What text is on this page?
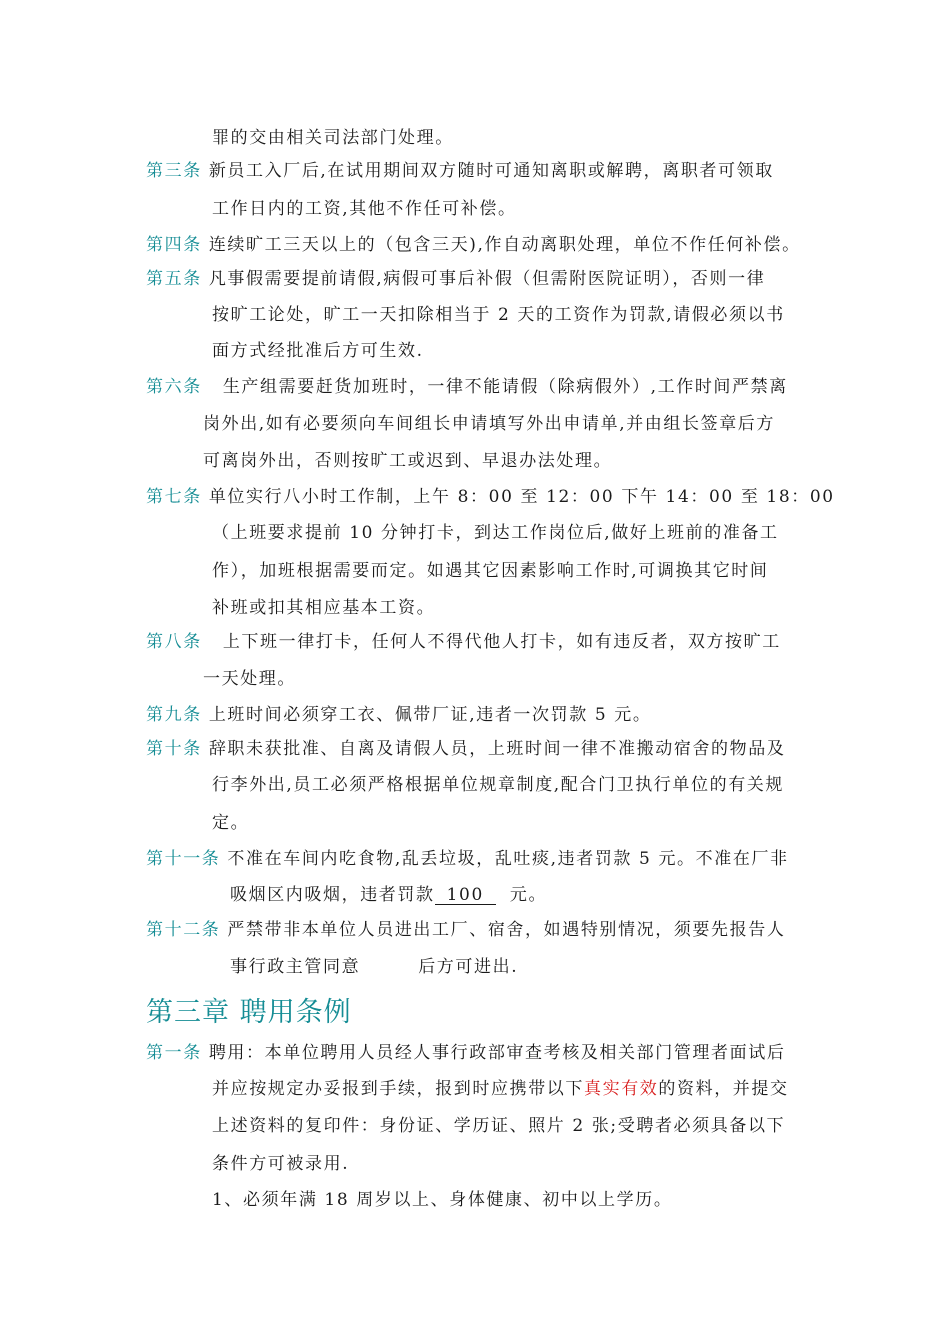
罪的交由相关司法部门处理。
第三条 新员工入厂后,在试用期间双方随时可通知离职或解聘，离职者可领取
工作日内的工资,其他不作任可补偿。
第四条 连续旷工三天以上的（包含三天),作自动离职处理，单位不作任何补偿。
第五条 凡事假需要提前请假,病假可事后补假（但需附医院证明），否则一律
按旷工论处，旷工一天扣除相当于 2 天的工资作为罚款,请假必须以书
面方式经批准后方可生效.
第六条 生产组需要赶货加班时，一律不能请假（除病假外）,工作时间严禁离
岗外出,如有必要须向车间组长申请填写外出申请单,并由组长签章后方
可离岗外出，否则按旷工或迟到、早退办法处理。
第七条 单位实行八小时工作制，上午 8：00 至 12：00 下午 14：00 至 18：00
（上班要求提前 10 分钟打卡，到达工作岗位后,做好上班前的准备工
作），加班根据需要而定。如遇其它因素影响工作时,可调换其它时间
补班或扣其相应基本工资。
第八条 上下班一律打卡，任何人不得代他人打卡，如有违反者，双方按旷工
一天处理。
第九条 上班时间必须穿工衣、佩带厂证,违者一次罚款 5 元。
第十条 辞职未获批准、自离及请假人员，上班时间一律不准搬动宿舍的物品及
行李外出,员工必须严格根据单位规章制度,配合门卫执行单位的有关规
定。
第十一条 不准在车间内吃食物,乱丢垃圾，乱吐痰,违者罚款 5 元。不准在厂非
吸烟区内吸烟，违者罚款 100 元。
第十二条 严禁带非本单位人员进出工厂、宿舍，如遇特别情况，须要先报告人
事行政主管同意	后方可进出.
第三章 聘用条例
第一条 聘用：本单位聘用人员经人事行政部审查考核及相关部门管理者面试后
并应按规定办妥报到手续，报到时应携带以下真实有效的资料，并提交
上述资料的复印件：身份证、学历证、照片 2 张;受聘者必须具备以下
条件方可被录用.
1、必须年满 18 周岁以上、身体健康、初中以上学历。
